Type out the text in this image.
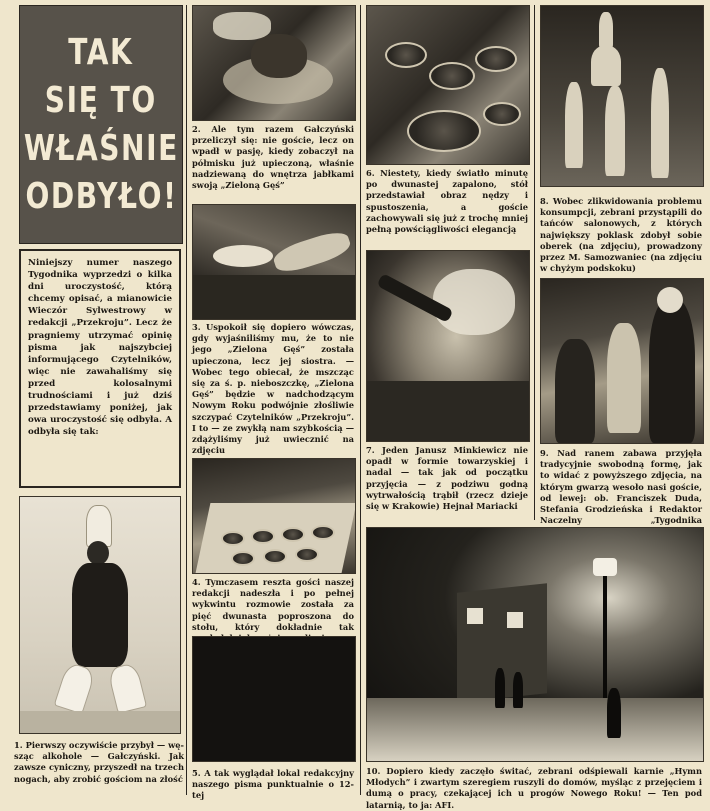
TAK
SIĘ TO
WŁAŚNIE
ODBYŁO!
Niniejszy numer naszego Tygodnika wyprzedzi o kilka dni uroczystość, którą chcemy opisać, a mianowicie Wieczór Sylwestrowy w redakcji „Przekroju”. Lecz że pragniemy utrzymać opinię pisma jak najszybciej informującego Czytelników, więc nie zawahaliśmy się przed kolosalnymi trudnościami i już dziś przedstawiamy poniżej, jak owa uroczystość się odbyła. A odbyła się tak:
1. Pierwszy oczywiście przybył — wę-sząc alkohole — Gałczyński. Jak zawsze cyniczny, przyszedł na trzech nogach, aby zrobić gościom na złość
2. Ale tym razem Gałczyński przeliczył się: nie goście, lecz on wpadł w pasję, kiedy zobaczył na półmisku już upieczoną, właśnie nadziewaną do wnętrza jabłkami swoją „Zieloną Gęś”
3. Uspokoił się dopiero wówczas, gdy wyjaśniliśmy mu, że to nie jego „Zielona Gęś” została upieczona, lecz jej siostra. — Wobec tego obiecał, że mszcząc się za ś. p. nieboszczkę, „Zielona Gęś” będzie w nadchodzącym Nowym Roku podwójnie złośliwie szczypać Czytelników „Przekroju”. I to — ze zwykłą nam szybkością — zdążyliśmy już uwiecznić na zdjęciu
4. Tymczasem reszta gości naszej redakcji nadeszła i po pełnej wykwintu rozmowie została za pięć dwunasta poproszona do stołu, który dokładnie tak
5. A tak wyglądał lokal redakcyjny naszego pisma punktualnie o 12-tej
6. Niestety, kiedy światło minutę po dwunastej zapalono, stół przedstawiał obraz nędzy i spustoszenia, a goście zachowywali się już z trochę mniej pełną powściągliwości elegancją
7. Jeden Janusz Minkiewicz nie opadł w formie towarzyskiej i nadal — tak jak od początku przyjęcia — z podziwu godną wytrwałością trąbił (rzecz dzieje się w Krakowie) Hejnał Mariacki
8. Wobec zlikwidowania problemu konsumpcji, zebrani przystąpili do tańców salonowych, z których największy poklask zdobył sobie oberek (na zdjęciu), prowadzony przez M. Samozwaniec (na zdjęciu w chyżym podskoku)
9. Nad ranem zabawa przyjęła tradycyjnie swobodną formę, jak to widać z powyższego zdjęcia, na którym gwarzą wesoło nasi goście, od lewej: ob. Franciszek Duda, Stefania Grodzieńska i Redaktor Naczelny „Tygodnika
10. Dopiero kiedy zaczęło świtać, zebrani odśpiewali karnie „Hymn Młodych” i zwartym szeregiem ruszyli do domów, myśląc z przejęciem i dumą o pracy, czekającej ich u progów Nowego Roku! — Ten pod latarnią, to ja: AFI.
